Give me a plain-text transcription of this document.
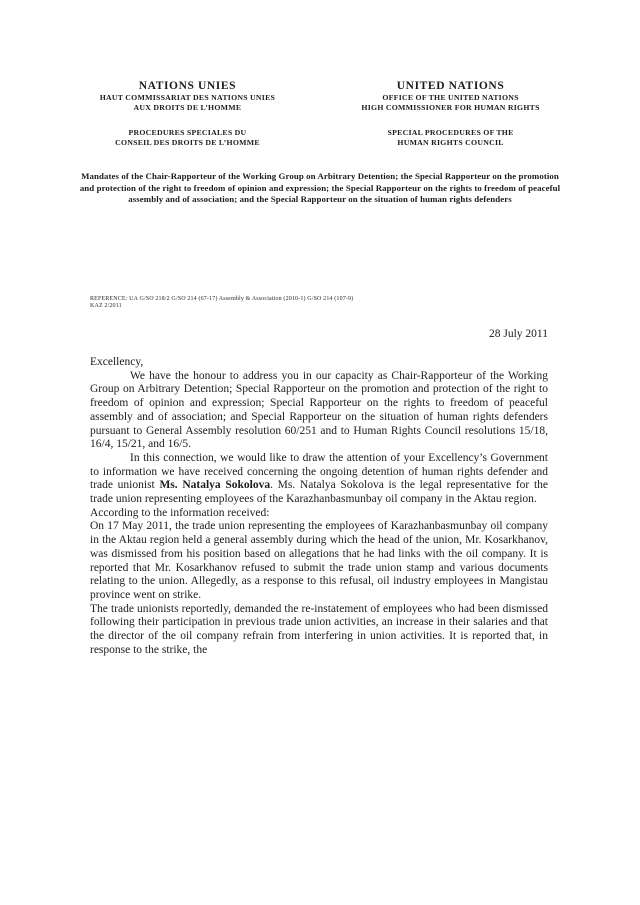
NATIONS UNIES
HAUT COMMISSARIAT DES NATIONS UNIES
AUX DROITS DE L’HOMME
PROCEDURES SPECIALES DU
CONSEIL DES DROITS DE L’HOMME
UNITED NATIONS
OFFICE OF THE UNITED NATIONS
HIGH COMMISSIONER FOR HUMAN RIGHTS
SPECIAL PROCEDURES OF THE
HUMAN RIGHTS COUNCIL
Mandates of the Chair-Rapporteur of the Working Group on Arbitrary Detention; the Special Rapporteur on the promotion and protection of the right to freedom of opinion and expression; the Special Rapporteur on the rights to freedom of peaceful assembly and of association; and the Special Rapporteur on the situation of human rights defenders
REFERENCE: UA G/SO 218/2 G/SO 214 (67-17) Assembly & Association (2010-1) G/SO 214 (107-9)
KAZ 2/2011
28 July 2011
Excellency,

We have the honour to address you in our capacity as Chair-Rapporteur of the Working Group on Arbitrary Detention; Special Rapporteur on the promotion and protection of the right to freedom of opinion and expression; Special Rapporteur on the rights to freedom of peaceful assembly and of association; and Special Rapporteur on the situation of human rights defenders pursuant to General Assembly resolution 60/251 and to Human Rights Council resolutions 15/18, 16/4, 15/21, and 16/5.

In this connection, we would like to draw the attention of your Excellency’s Government to information we have received concerning the ongoing detention of human rights defender and trade unionist Ms. Natalya Sokolova. Ms. Natalya Sokolova is the legal representative for the trade union representing employees of the Karazhanbasmunbay oil company in the Aktau region.

According to the information received:

On 17 May 2011, the trade union representing the employees of Karazhanbasmunbay oil company in the Aktau region held a general assembly during which the head of the union, Mr. Kosarkhanov, was dismissed from his position based on allegations that he had links with the oil company. It is reported that Mr. Kosarkhanov refused to submit the trade union stamp and various documents relating to the union. Allegedly, as a response to this refusal, oil industry employees in Mangistau province went on strike.

The trade unionists reportedly, demanded the re-instatement of employees who had been dismissed following their participation in previous trade union activities, an increase in their salaries and that the director of the oil company refrain from interfering in union activities. It is reported that, in response to the strike, the
